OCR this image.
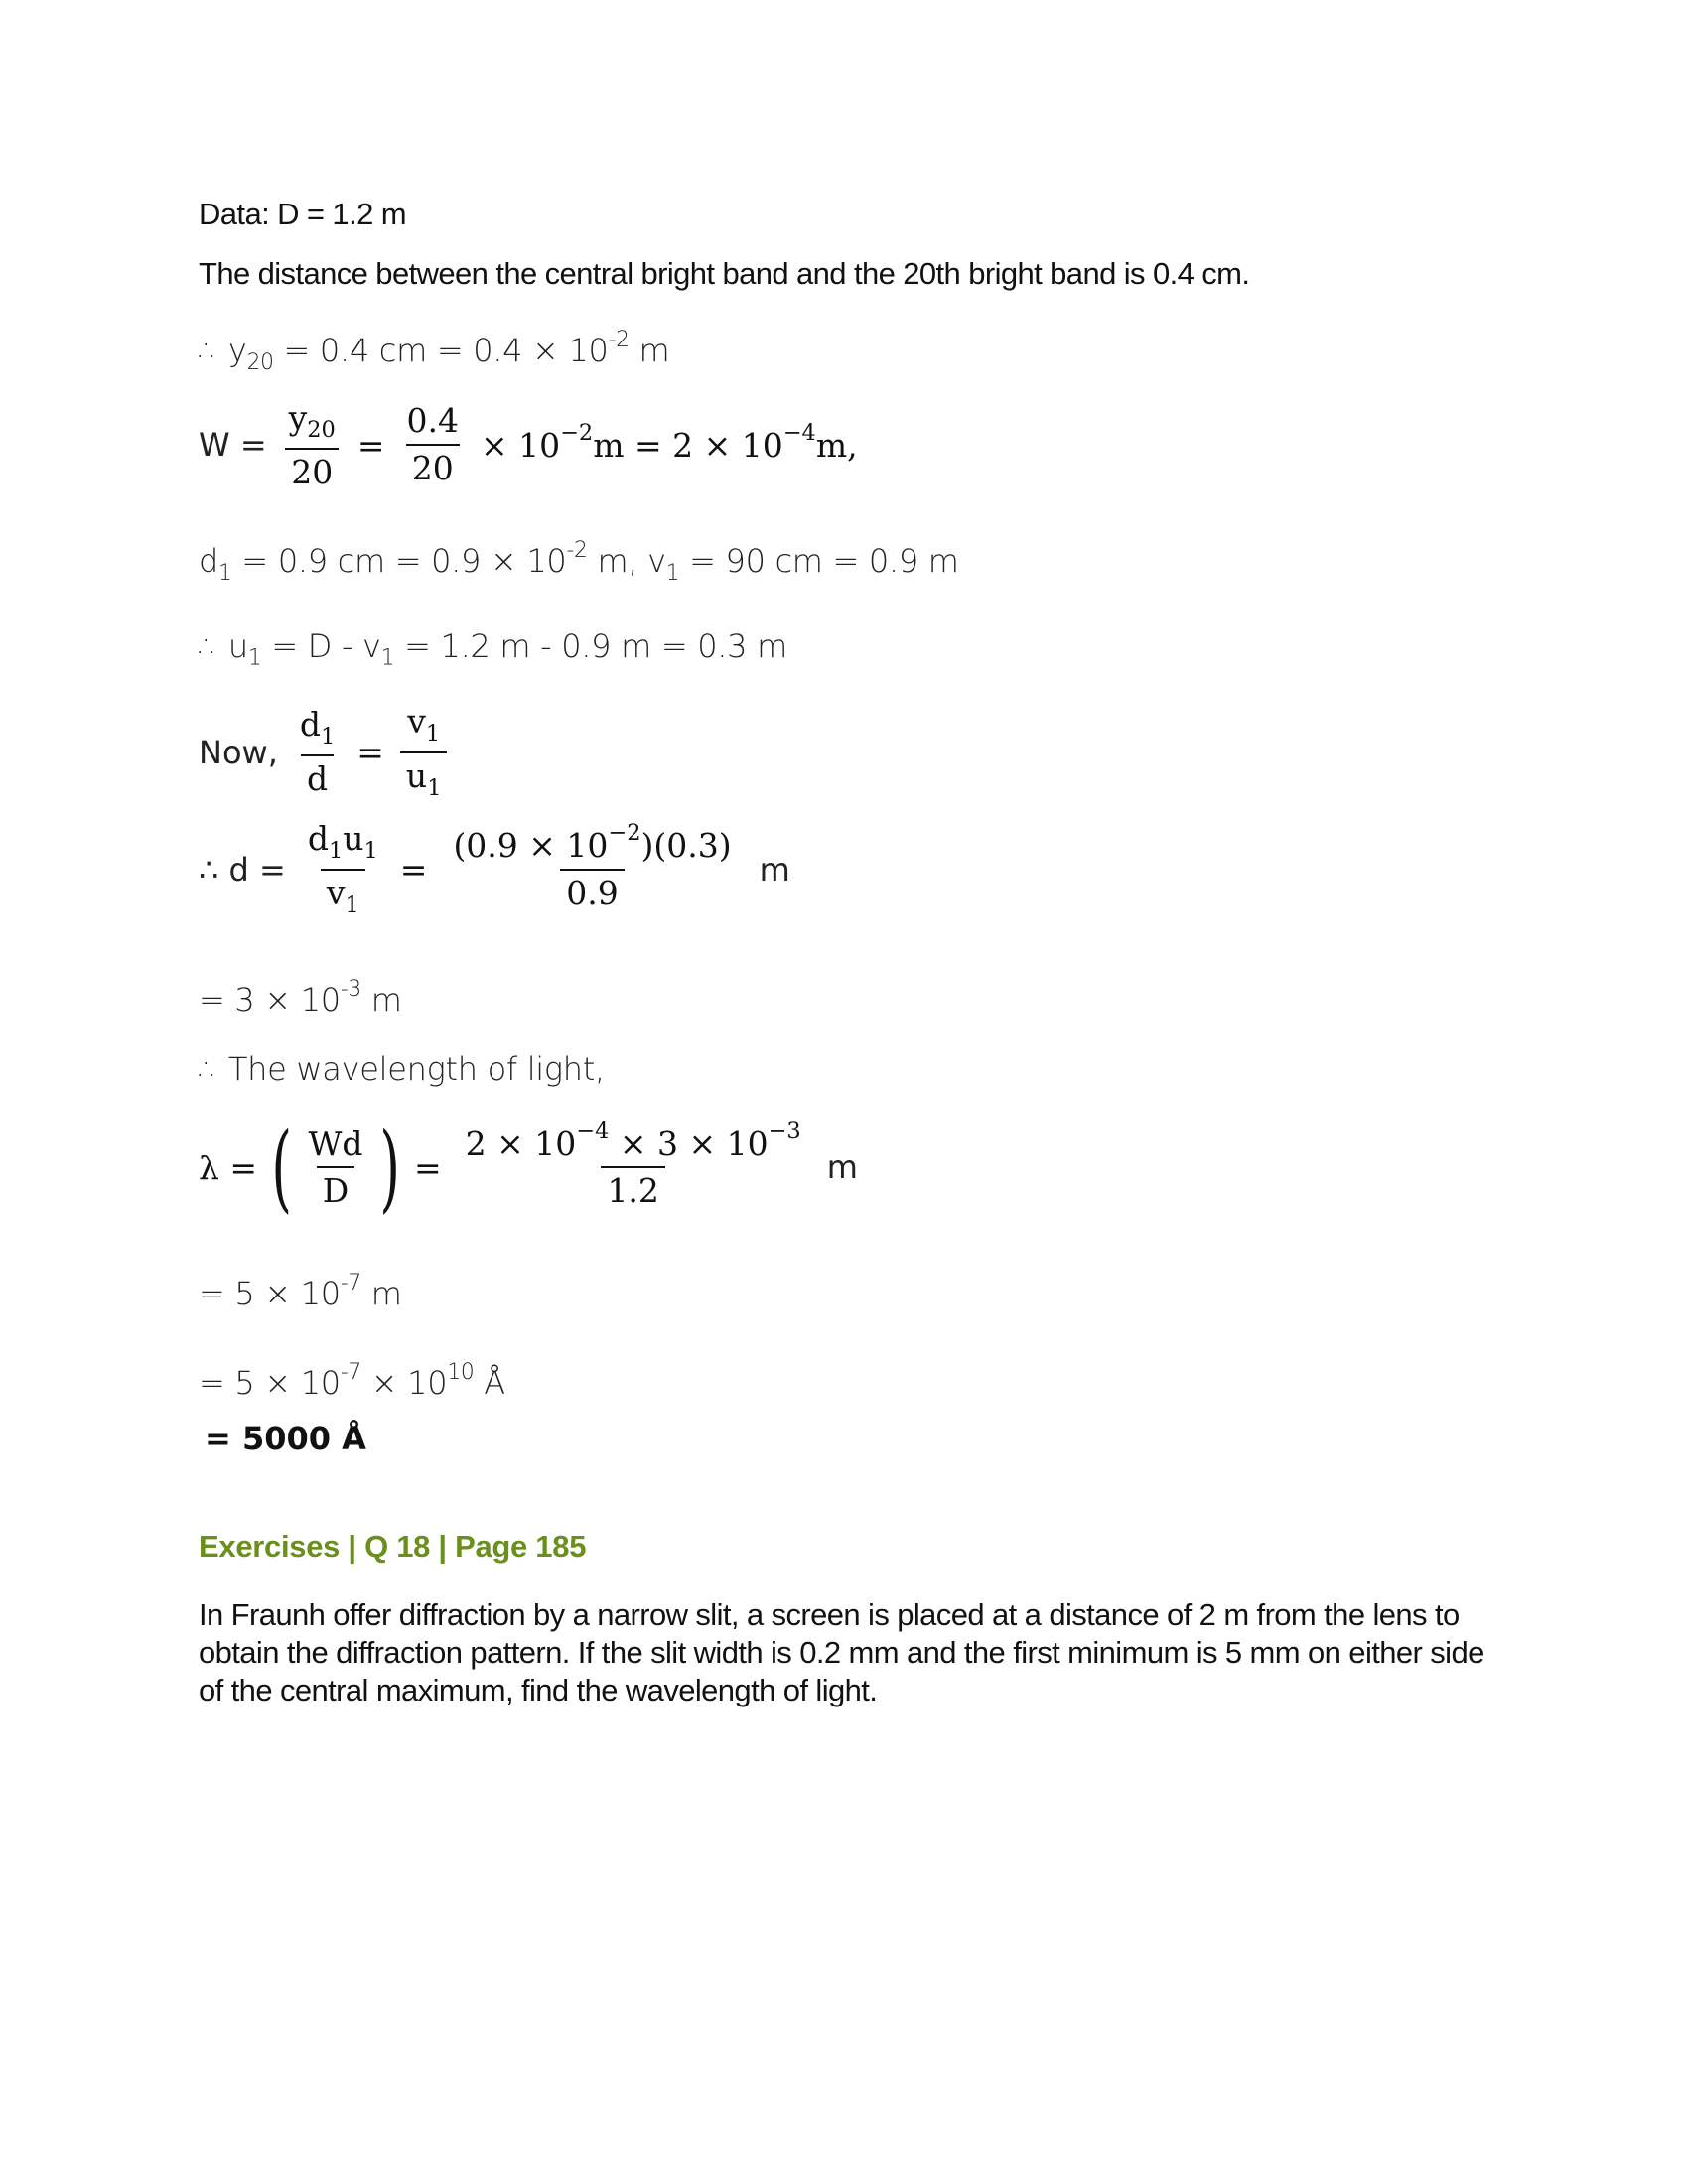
Data: D = 1.2 m
The distance between the central bright band and the 20th bright band is 0.4 cm.
∴ $y_{20} = 0.4$ cm = $0.4 \times 10^{-2}$ m
$W = \frac{y_{20}}{20} = \frac{0.4}{20} \times 10^{-2}m = 2 \times 10^{-4}m$,
$d_1 = 0.9$ cm = $0.9 \times 10^{-2}$ m, $v_1 = 90$ cm = 0.9 m
∴ $u_1 = D - v_1 = 1.2$ m - 0.9 m = 0.3 m
Now, $\frac{d_1}{d} = \frac{v_1}{u_1}$
∴ $d = \frac{d_1u_1}{v_1} = \frac{(0.9 \times 10^{-2})(0.3)}{0.9}$ m
= $3 \times 10^{-3}$ m
∴ The wavelength of light,
λ = ( $\frac{Wd}{D}$ ) = $\frac{2 \times 10^{-4} \times 3 \times 10^{-3}}{1.2}$ m
= $5 \times 10^{-7}$ m
= $5 \times 10^{-7} \times 10^{10}$ Å
= 5000 Å
Exercises | Q 18 | Page 185
In Fraunh offer diffraction by a narrow slit, a screen is placed at a distance of 2 m from the lens to obtain the diffraction pattern. If the slit width is 0.2 mm and the first minimum is 5 mm on either side of the central maximum, find the wavelength of light.
